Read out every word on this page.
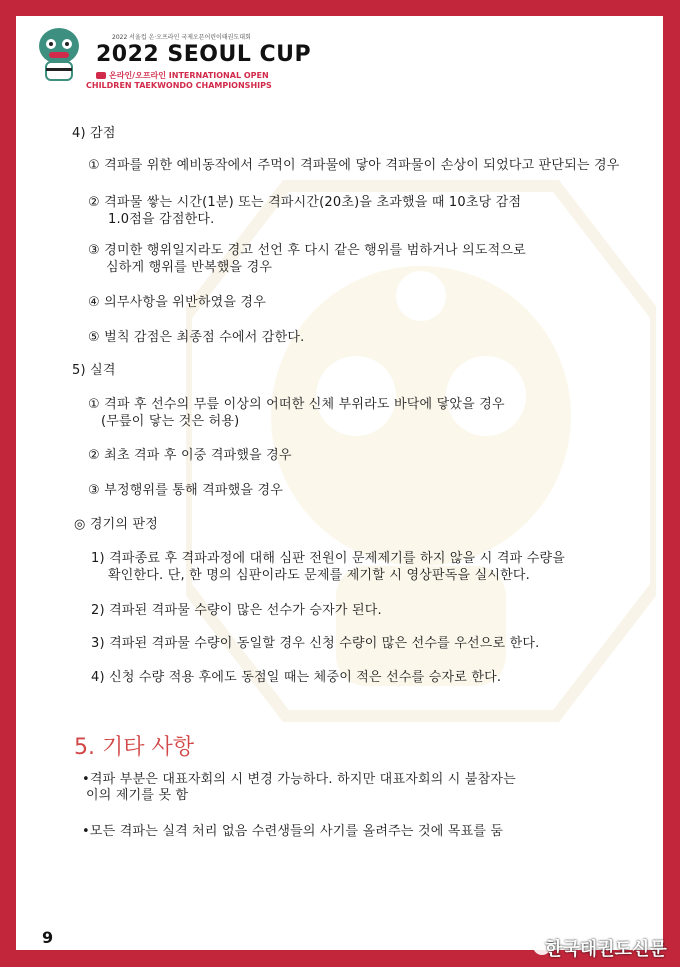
2022 서울컵 온·오프라인 국제오픈어린이태권도대회
2022 SEOUL CUP
온라인/오프라인 INTERNATIONAL OPEN
CHILDREN TAEKWONDO CHAMPIONSHIPS
4) 감점
① 격파를 위한 예비동작에서 주먹이 격파물에 닿아 격파물이 손상이 되었다고 판단되는 경우
② 격파물 쌓는 시간(1분) 또는 격파시간(20초)을 초과했을 때 10초당 감점
1.0점을 감점한다.
③ 경미한 행위일지라도 경고 선언 후 다시 같은 행위를 범하거나 의도적으로
심하게 행위를 반복했을 경우
④ 의무사항을 위반하였을 경우
⑤ 벌칙 감점은 최종점 수에서 감한다.
5) 실격
① 격파 후 선수의 무릎 이상의 어떠한 신체 부위라도 바닥에 닿았을 경우
(무릎이 닿는 것은 허용)
② 최초 격파 후 이중 격파했을 경우
③ 부정행위를 통해 격파했을 경우
◎ 경기의 판정
1) 격파종료 후 격파과정에 대해 심판 전원이 문제제기를 하지 않을 시 격파 수량을
확인한다. 단, 한 명의 심판이라도 문제를 제기할 시 영상판독을 실시한다.
2) 격파된 격파물 수량이 많은 선수가 승자가 된다.
3) 격파된 격파물 수량이 동일할 경우 신청 수량이 많은 선수를 우선으로 한다.
4) 신청 수량 적용 후에도 동점일 때는 체중이 적은 선수를 승자로 한다.
5. 기타 사항
•격파 부분은 대표자회의 시 변경 가능하다. 하지만 대표자회의 시 불참자는
이의 제기를 못 함
•모든 격파는 실격 처리 없음 수련생들의 사기를 올려주는 것에 목표를 둠
9
한국태권도신문
